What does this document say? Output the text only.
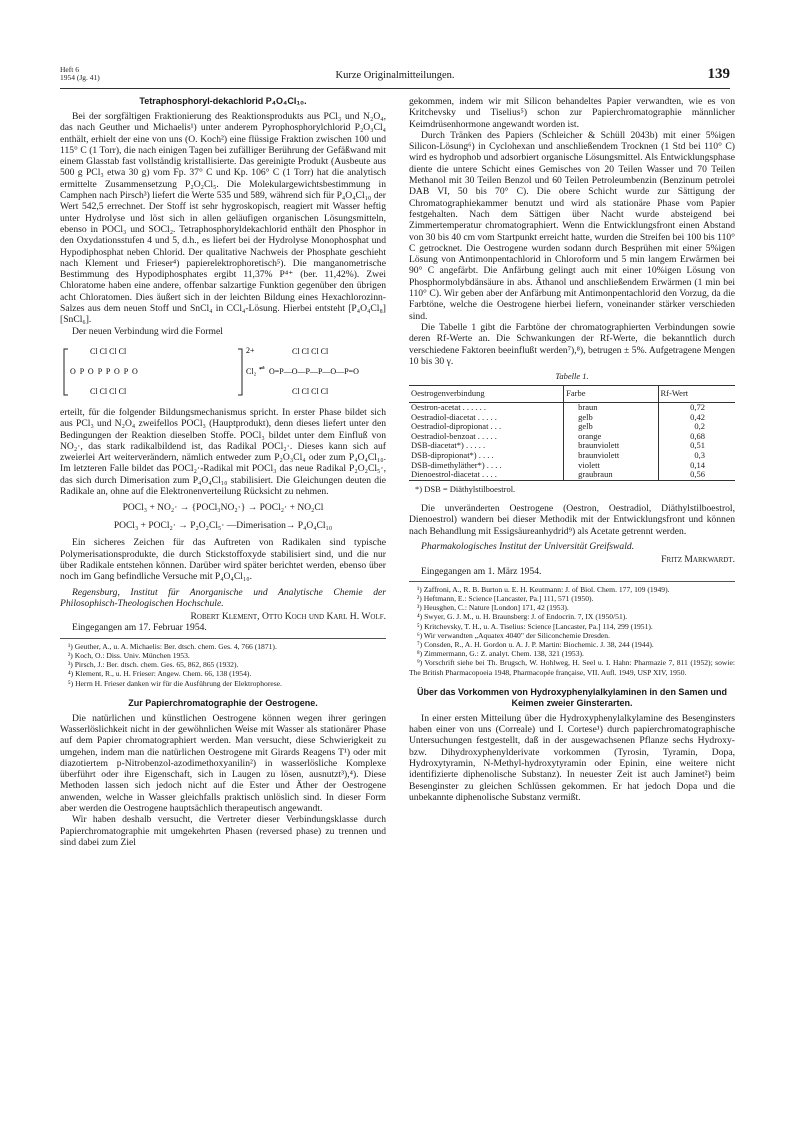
Heft 6
1954 (Jg. 41)	Kurze Originalmitteilungen.	139
Tetraphosphoryl-dekachlorid P₄O₄Cl₁₀.

Bei der sorgfältigen Fraktionierung des Reaktionsprodukts aus PCl₃ und N₂O₄, das nach Geuther und Michaelis¹) unter anderem Pyrophosphorylchlorid P₂O₃Cl₄ enthält, erhielt der eine von uns (O. Koch²) eine flüssige Fraktion zwischen 100 und 115° C (1 Torr), die nach einigen Tagen bei zufälliger Berührung der Gefäßwand mit einem Glasstab fast vollständig kristallisierte. Das gereinigte Produkt (Ausbeute aus 500 g PCl₃ etwa 30 g) vom Fp. 37° C und Kp. 106° C (1 Torr) hat die analytisch ermittelte Zusammensetzung P₂O₂Cl₅. Die Molekulargewichtsbestimmung in Camphen nach Pirsch³) liefert die Werte 535 und 589, während sich für P₄O₄Cl₁₀ der Wert 542,5 errechnet. Der Stoff ist sehr hygroskopisch, reagiert mit Wasser heftig unter Hydrolyse und löst sich in allen geläufigen organischen Lösungsmitteln, ebenso in POCl₃ und SOCl₂. Tetraphosphoryldekachlorid enthält den Phosphor in den Oxydationsstufen 4 und 5, d.h., es liefert bei der Hydrolyse Monophosphat und Hypodiphosphat neben Chlorid. Der qualitative Nachweis der Phosphate geschieht nach Klement und Frieser⁴) papierelektrophoretisch⁵). Die manganometrische Bestimmung des Hypodiphosphates ergibt 11,37% P⁴⁺ (ber. 11,42%). Zwei Chloratome haben eine andere, offenbar salzartige Funktion gegenüber den übrigen acht Chloratomen. Dies äußert sich in der leichten Bildung eines Hexachlorozinn-Salzes aus dem neuen Stoff und SnCl₄ in CCl₄-Lösung. Hierbei entsteht [P₄O₄Cl₈] [SnCl₆].

Der neuen Verbindung wird die Formel

2+
Cl Cl Cl Cl
O P O P P O P O
Cl Cl Cl Cl
Cl₂ ⇌ O=P—O—P—P—O—P=O
Cl Cl Cl Cl
Cl Cl Cl Cl

erteilt, für die folgender Bildungsmechanismus spricht. In erster Phase bildet sich aus PCl₃ und N₂O₄ zweifellos POCl₃ (Hauptprodukt), denn dieses liefert unter den Bedingungen der Reaktion dieselben Stoffe. POCl₃ bildet unter dem Einfluß von NO₂·, das stark radikalbildend ist, das Radikal POCl₂·. Dieses kann sich auf zweierlei Art weiterverändern, nämlich entweder zum P₂O₃Cl₄ oder zum P₄O₄Cl₁₀. Im letzteren Falle bildet das POCl₂·-Radikal mit POCl₃ das neue Radikal P₂O₂Cl₅·, das sich durch Dimerisation zum P₄O₄Cl₁₀ stabilisiert. Die Gleichungen deuten die Radikale an, ohne auf die Elektronenverteilung Rücksicht zu nehmen.

POCl₃ + NO₂· → {POCl₃NO₂·} → POCl₂· + NO₂Cl
POCl₃ + POCl₂· → P₂O₂Cl₅· —Dimerisation→ P₄O₄Cl₁₀

Ein sicheres Zeichen für das Auftreten von Radikalen sind typische Polymerisationsprodukte, die durch Stickstoffoxyde stabilisiert sind, und die nur über Radikale entstehen können. Darüber wird später berichtet werden, ebenso über noch im Gang befindliche Versuche mit P₄O₄Cl₁₀.

Regensburg, Institut für Anorganische und Analytische Chemie der Philosophisch-Theologischen Hochschule.
Robert Klement, Otto Koch und Karl H. Wolf.
Eingegangen am 17. Februar 1954.
¹) Geuther, A., u. A. Michaelis: Ber. dtsch. chem. Ges. 4, 766 (1871).
²) Koch, O.: Diss. Univ. München 1953.
³) Pirsch, J.: Ber. dtsch. chem. Ges. 65, 862, 865 (1932).
⁴) Klement, R., u. H. Frieser: Angew. Chem. 66, 138 (1954).
⁵) Herrn H. Frieser danken wir für die Ausführung der Elektrophorese.
Zur Papierchromatographie der Oestrogene.

Die natürlichen und künstlichen Oestrogene können wegen ihrer geringen Wasserlöslichkeit nicht in der gewöhnlichen Weise mit Wasser als stationärer Phase auf dem Papier chromatographiert werden. Man versucht, diese Schwierigkeit zu umgehen, indem man die natürlichen Oestrogene mit Girards Reagens T¹) oder mit diazotiertem p-Nitrobenzol-azodimethoxyanilin²) in wasserlösliche Komplexe überführt oder ihre Eigenschaft, sich in Laugen zu lösen, ausnutzt³),⁴). Diese Methoden lassen sich jedoch nicht auf die Ester und Äther der Oestrogene anwenden, welche in Wasser gleichfalls praktisch unlöslich sind. In dieser Form aber werden die Oestrogene hauptsächlich therapeutisch angewandt.

Wir haben deshalb versucht, die Vertreter dieser Verbindungsklasse durch Papierchromatographie mit umgekehrten Phasen (reversed phase) zu trennen und sind dabei zum Ziel

gekommen, indem wir mit Silicon behandeltes Papier verwandten, wie es von Kritchevsky und Tiselius⁵) schon zur Papierchromatographie männlicher Keimdrüsenhormone angewandt worden ist.

Durch Tränken des Papiers (Schleicher & Schüll 2043b) mit einer 5%igen Silicon-Lösung⁶) in Cyclohexan und anschließendem Trocknen (1 Std bei 110° C) wird es hydrophob und adsorbiert organische Lösungsmittel. Als Entwicklungsphase diente die untere Schicht eines Gemisches von 20 Teilen Wasser und 70 Teilen Methanol mit 30 Teilen Benzol und 60 Teilen Petroleumbenzin (Benzinum petrolei DAB VI, 50 bis 70° C). Die obere Schicht wurde zur Sättigung der Chromatographiekammer benutzt und wird als stationäre Phase vom Papier festgehalten. Nach dem Sättigen über Nacht wurde absteigend bei Zimmertemperatur chromatographiert. Wenn die Entwicklungsfront einen Abstand von 30 bis 40 cm vom Startpunkt erreicht hatte, wurden die Streifen bei 100 bis 110° C getrocknet. Die Oestrogene wurden sodann durch Besprühen mit einer 5%igen Lösung von Antimonpentachlorid in Chloroform und 5 min langem Erwärmen bei 90° C angefärbt. Die Anfärbung gelingt auch mit einer 10%igen Lösung von Phosphormolybdänsäure in abs. Äthanol und anschließendem Erwärmen (1 min bei 110° C). Wir geben aber der Anfärbung mit Antimonpentachlorid den Vorzug, da die Farbtöne, welche die Oestrogene hierbei liefern, voneinander stärker verschieden sind.

Die Tabelle 1 gibt die Farbtöne der chromatographierten Verbindungen sowie deren Rf-Werte an. Die Schwankungen der Rf-Werte, die bekanntlich durch verschiedene Faktoren beeinflußt werden⁷),⁸), betrugen ± 5%. Aufgetragene Mengen 10 bis 30 γ.

Tabelle 1.
Oestrogenverbindung	Farbe	Rf-Wert
Oestron-acetat . . . . . .	braun	0,72
Oestradiol-diacetat . . . . .	gelb	0,42
Oestradiol-dipropionat . . .	gelb	0,2
Oestradiol-benzoat . . . . .	orange	0,68
DSB-diacetat*) . . . . .	braunviolett	0,51
DSB-dipropionat*) . . . .	braunviolett	0,3
DSB-dimethyläther*) . . . .	violett	0,14
Dienoestrol-diacetat . . . .	graubraun	0,56
*) DSB = Diäthylstilboestrol.

Die unveränderten Oestrogene (Oestron, Oestradiol, Diäthylstilboestrol, Dienoestrol) wandern bei dieser Methodik mit der Entwicklungsfront und können nach Behandlung mit Essigsäureanhydrid⁹) als Acetate getrennt werden.

Pharmakologisches Institut der Universität Greifswald.
Fritz Markwardt.
Eingegangen am 1. März 1954.
¹) Zaffroni, A., R. B. Burton u. E. H. Keutmann: J. of Biol. Chem. 177, 109 (1949).
²) Heftmann, E.: Science [Lancaster, Pa.] 111, 571 (1950).
³) Heusghen, C.: Nature [London] 171, 42 (1953).
⁴) Swyer, G. J. M., u. H. Braunsberg: J. of Endocrin. 7, IX (1950/51).
⁵) Kritchevsky, T. H., u. A. Tiselius: Science [Lancaster, Pa.] 114, 299 (1951).
⁶) Wir verwandten „Aquatex 4040" der Siliconchemie Dresden.
⁷) Consden, R., A. H. Gordon u. A. J. P. Martin: Biochemic. J. 38, 244 (1944).
⁸) Zimmermann, G.: Z. analyt. Chem. 138, 321 (1953).
⁹) Vorschrift siehe bei Th. Brugsch, W. Hohlweg, H. Seel u. I. Hahn: Pharmazie 7, 811 (1952); sowie: The British Pharmacopoeia 1948, Pharmacopée française, VII. Aufl. 1949, USP XIV, 1950.
Über das Vorkommen von Hydroxyphenylalkylaminen in den Samen und Keimen zweier Ginsterarten.

In einer ersten Mitteilung über die Hydroxyphenylalkylamine des Besenginsters haben einer von uns (Correale) und I. Cortese¹) durch papierchromatographische Untersuchungen festgestellt, daß in der ausgewachsenen Pflanze sechs Hydroxy- bzw. Dihydroxyphenylderivate vorkommen (Tyrosin, Tyramin, Dopa, Hydroxytyramin, N-Methyl-hydroxytyramin oder Epinin, eine weitere nicht identifizierte diphenolische Substanz). In neuester Zeit ist auch Jaminet²) beim Besenginster zu gleichen Schlüssen gekommen. Er hat jedoch Dopa und die unbekannte diphenolische Substanz vermißt.
